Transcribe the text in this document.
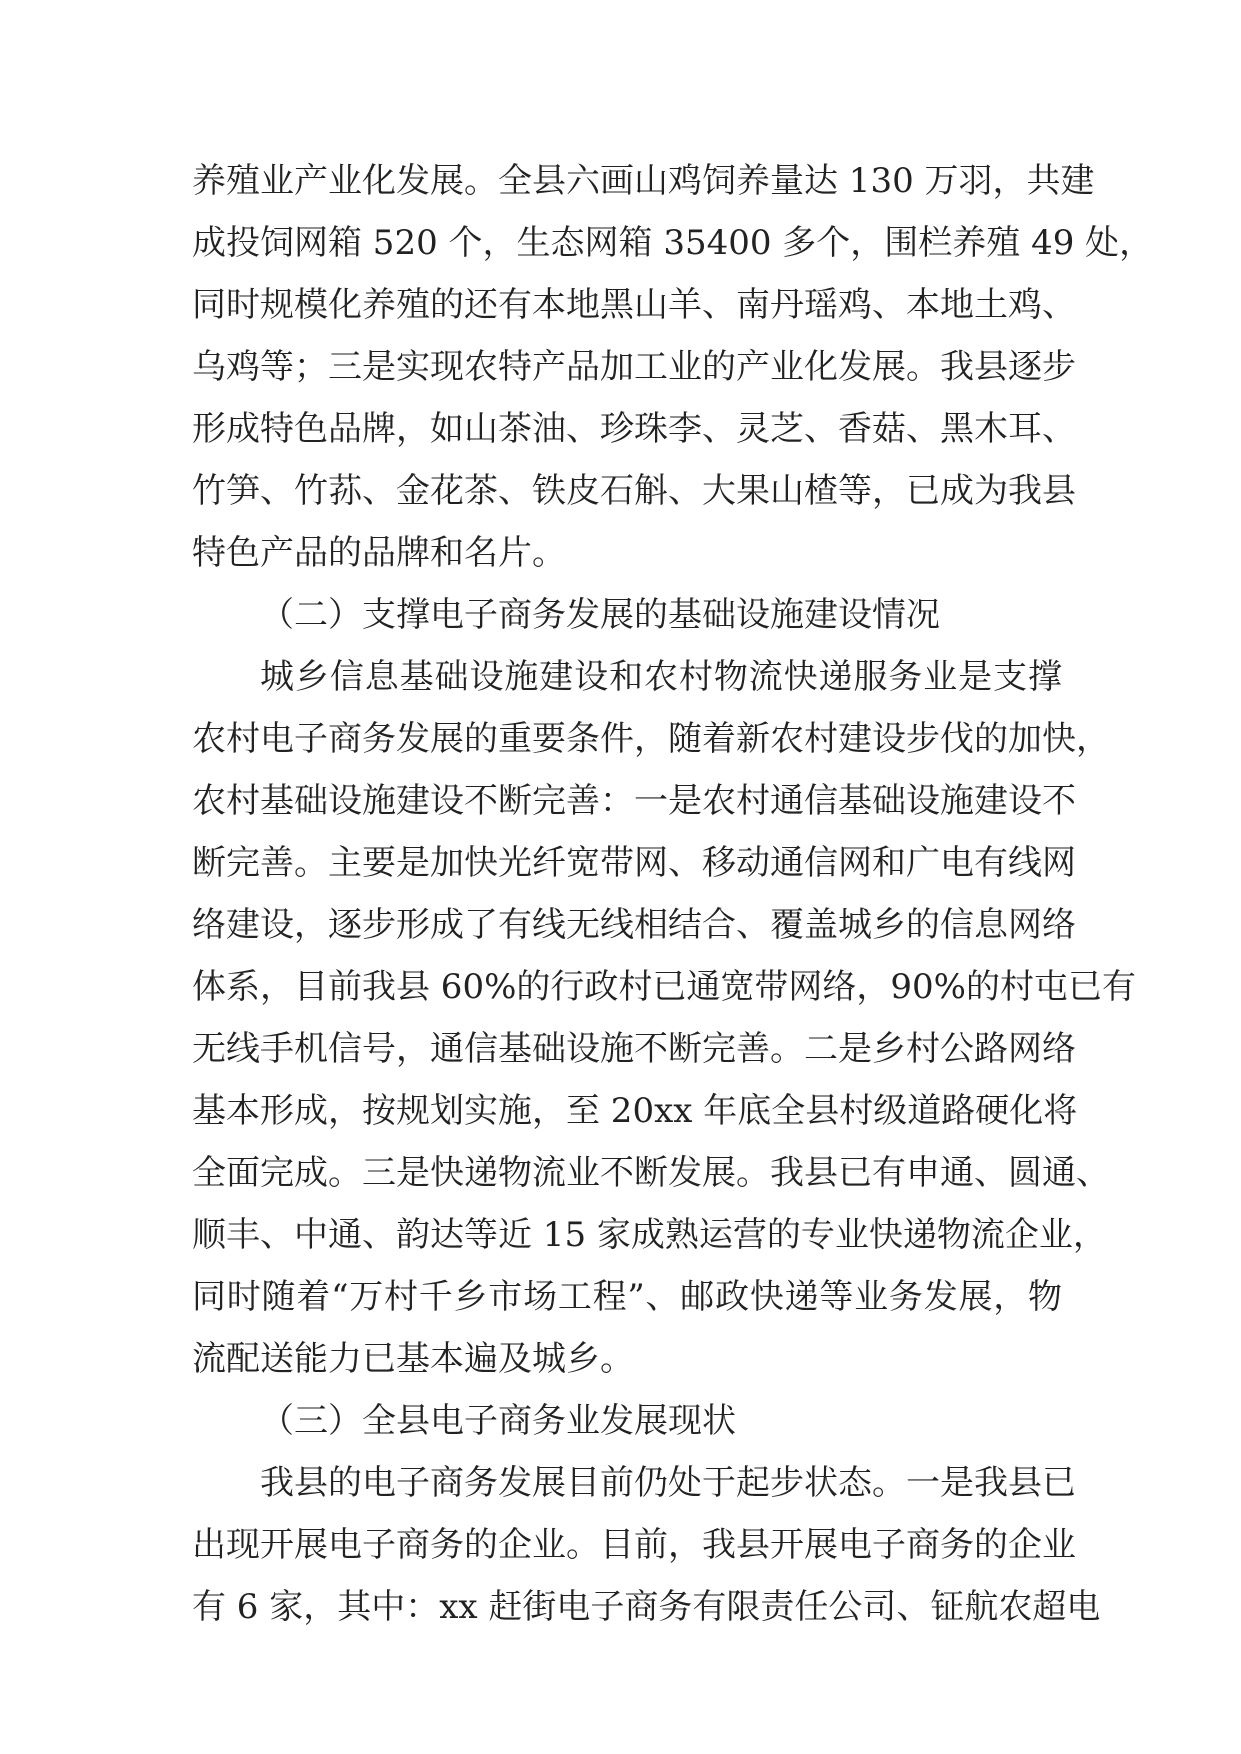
养殖业产业化发展。全县六画山鸡饲养量达 130 万羽，共建
成投饲网箱 520 个，生态网箱 35400 多个，围栏养殖 49 处，
同时规模化养殖的还有本地黑山羊、南丹瑶鸡、本地土鸡、
乌鸡等；三是实现农特产品加工业的产业化发展。我县逐步
形成特色品牌，如山茶油、珍珠李、灵芝、香菇、黑木耳、
竹笋、竹荪、金花茶、铁皮石斛、大果山楂等，已成为我县
特色产品的品牌和名片。
（二）支撑电子商务发展的基础设施建设情况
城乡信息基础设施建设和农村物流快递服务业是支撑
农村电子商务发展的重要条件，随着新农村建设步伐的加快，
农村基础设施建设不断完善：一是农村通信基础设施建设不
断完善。主要是加快光纤宽带网、移动通信网和广电有线网
络建设，逐步形成了有线无线相结合、覆盖城乡的信息网络
体系，目前我县 60%的行政村已通宽带网络，90%的村屯已有
无线手机信号，通信基础设施不断完善。二是乡村公路网络
基本形成，按规划实施，至 20xx 年底全县村级道路硬化将
全面完成。三是快递物流业不断发展。我县已有申通、圆通、
顺丰、中通、韵达等近 15 家成熟运营的专业快递物流企业，
同时随着“万村千乡市场工程”、邮政快递等业务发展，物
流配送能力已基本遍及城乡。
（三）全县电子商务业发展现状
我县的电子商务发展目前仍处于起步状态。一是我县已
出现开展电子商务的企业。目前，我县开展电子商务的企业
有 6 家，其中：xx 赶街电子商务有限责任公司、钲航农超电
